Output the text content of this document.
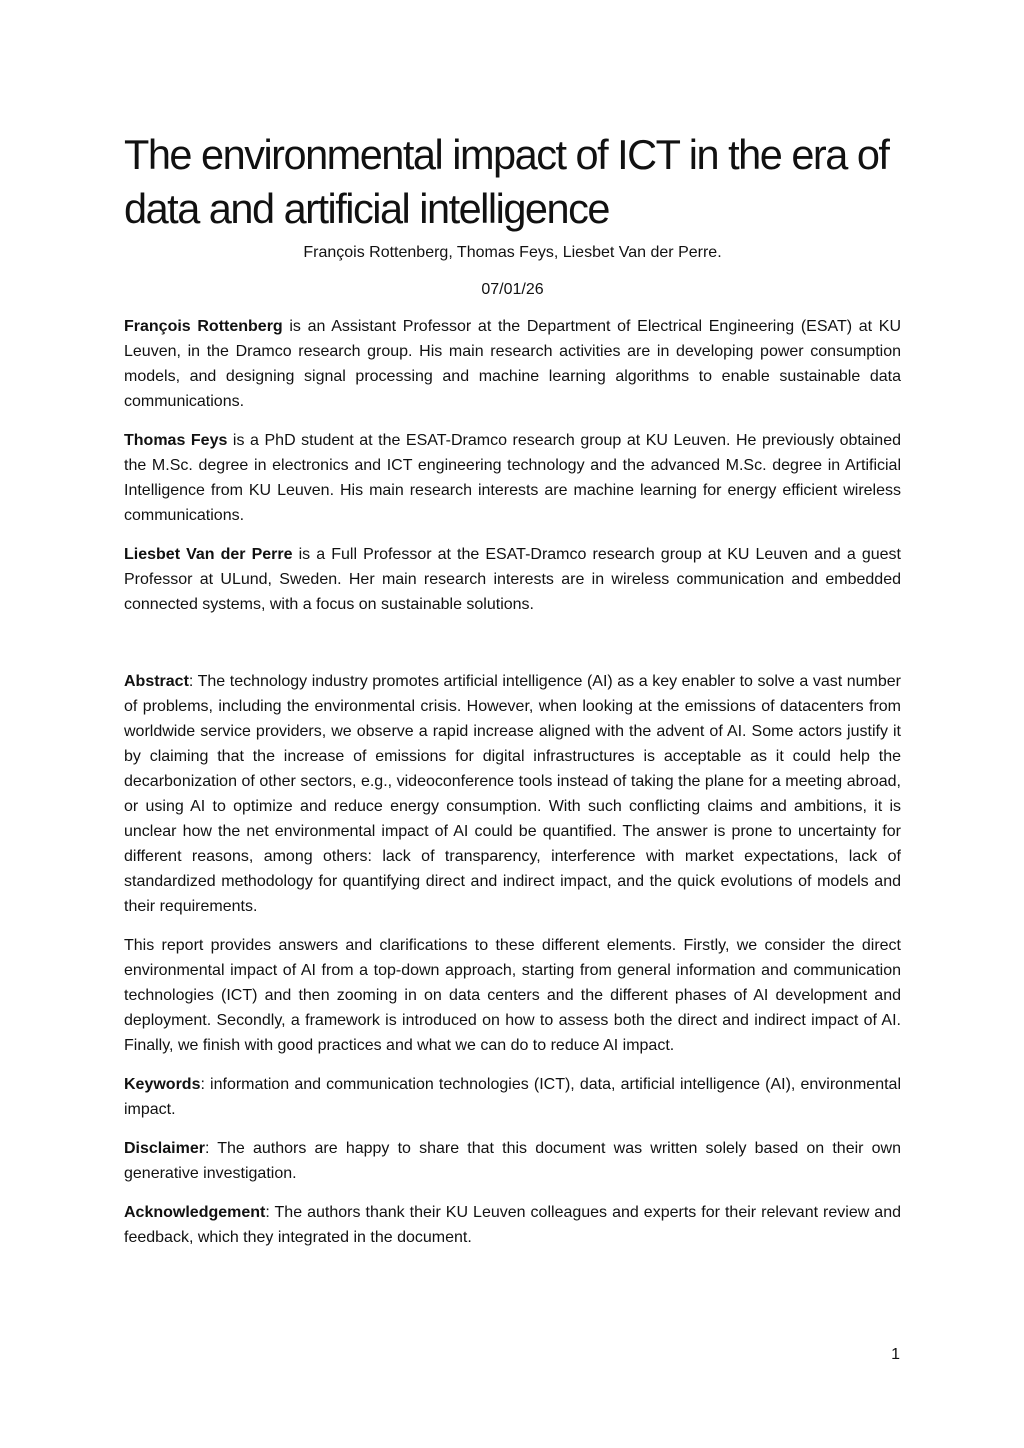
The environmental impact of ICT in the era of data and artificial intelligence

François Rottenberg, Thomas Feys, Liesbet Van der Perre.

07/01/26

François Rottenberg is an Assistant Professor at the Department of Electrical Engineering (ESAT) at KU Leuven, in the Dramco research group. His main research activities are in developing power consumption models, and designing signal processing and machine learning algorithms to enable sustainable data communications.

Thomas Feys is a PhD student at the ESAT-Dramco research group at KU Leuven. He previously obtained the M.Sc. degree in electronics and ICT engineering technology and the advanced M.Sc. degree in Artificial Intelligence from KU Leuven. His main research interests are machine learning for energy efficient wireless communications.

Liesbet Van der Perre is a Full Professor at the ESAT-Dramco research group at KU Leuven and a guest Professor at ULund, Sweden. Her main research interests are in wireless communication and embedded connected systems, with a focus on sustainable solutions.

Abstract: The technology industry promotes artificial intelligence (AI) as a key enabler to solve a vast number of problems, including the environmental crisis. However, when looking at the emissions of datacenters from worldwide service providers, we observe a rapid increase aligned with the advent of AI. Some actors justify it by claiming that the increase of emissions for digital infrastructures is acceptable as it could help the decarbonization of other sectors, e.g., videoconference tools instead of taking the plane for a meeting abroad, or using AI to optimize and reduce energy consumption. With such conflicting claims and ambitions, it is unclear how the net environmental impact of AI could be quantified. The answer is prone to uncertainty for different reasons, among others: lack of transparency, interference with market expectations, lack of standardized methodology for quantifying direct and indirect impact, and the quick evolutions of models and their requirements.

This report provides answers and clarifications to these different elements. Firstly, we consider the direct environmental impact of AI from a top-down approach, starting from general information and communication technologies (ICT) and then zooming in on data centers and the different phases of AI development and deployment. Secondly, a framework is introduced on how to assess both the direct and indirect impact of AI. Finally, we finish with good practices and what we can do to reduce AI impact.

Keywords: information and communication technologies (ICT), data, artificial intelligence (AI), environmental impact.

Disclaimer: The authors are happy to share that this document was written solely based on their own generative investigation.

Acknowledgement: The authors thank their KU Leuven colleagues and experts for their relevant review and feedback, which they integrated in the document.

1
